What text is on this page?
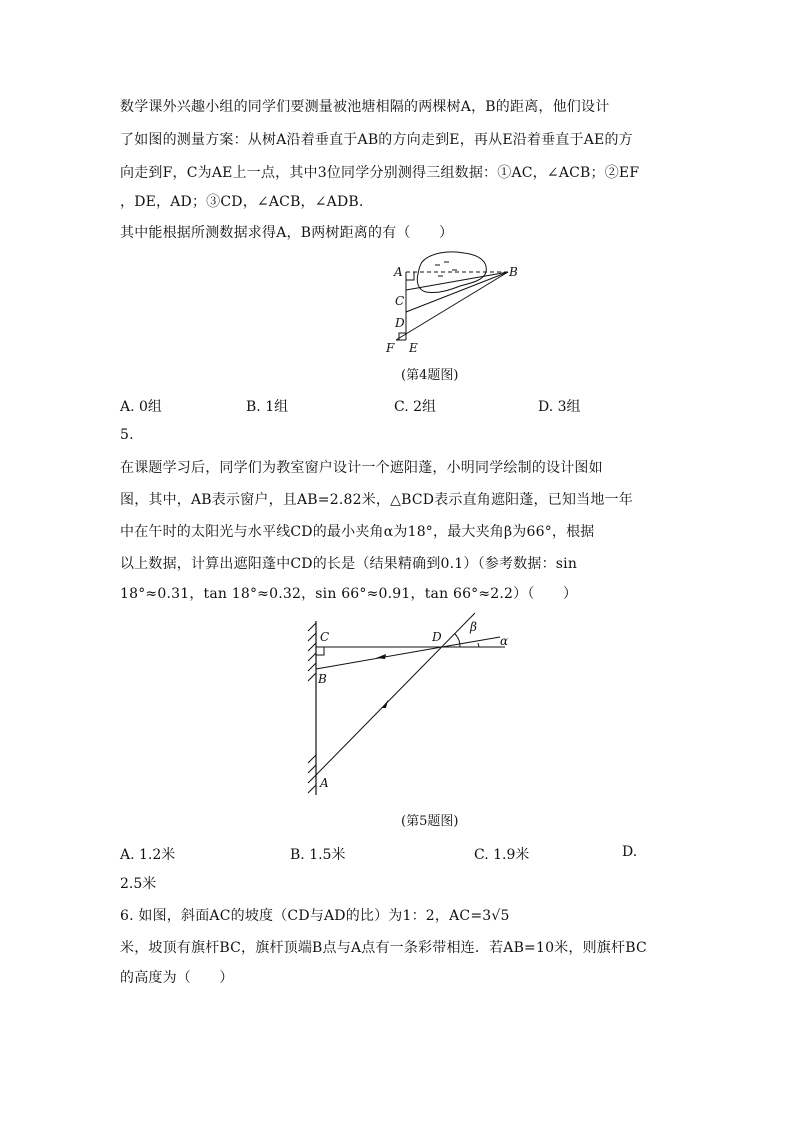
数学课外兴趣小组的同学们要测量被池塘相隔的两棵树A，B的距离，他们设计
了如图的测量方案：从树A沿着垂直于AB的方向走到E，再从E沿着垂直于AE的方
向走到F，C为AE上一点，其中3位同学分别测得三组数据：①AC，∠ACB；②EF
，DE，AD；③CD，∠ACB，∠ADB.
其中能根据所测数据求得A，B两树距离的有（　　）
A	B
C
D
F E
(第4题图)
A. 0组	B. 1组	C. 2组	D. 3组
5.
在课题学习后，同学们为教室窗户设计一个遮阳蓬，小明同学绘制的设计图如
图，其中，AB表示窗户，且AB=2.82米，△BCD表示直角遮阳蓬，已知当地一年
中在午时的太阳光与水平线CD的最小夹角α为18°，最大夹角β为66°，根据
以上数据，计算出遮阳蓬中CD的长是（结果精确到0.1）（参考数据：sin
18°≈0.31，tan 18°≈0.32，sin 66°≈0.91，tan 66°≈2.2）（　　）
C	D
B
A
β
α
(第5题图)
A. 1.2米	B. 1.5米	C. 1.9米	D.
2.5米
6. 如图，斜面AC的坡度（CD与AD的比）为1：2，AC=3√5
米，坡顶有旗杆BC，旗杆顶端B点与A点有一条彩带相连．若AB=10米，则旗杆BC
的高度为（　　）
